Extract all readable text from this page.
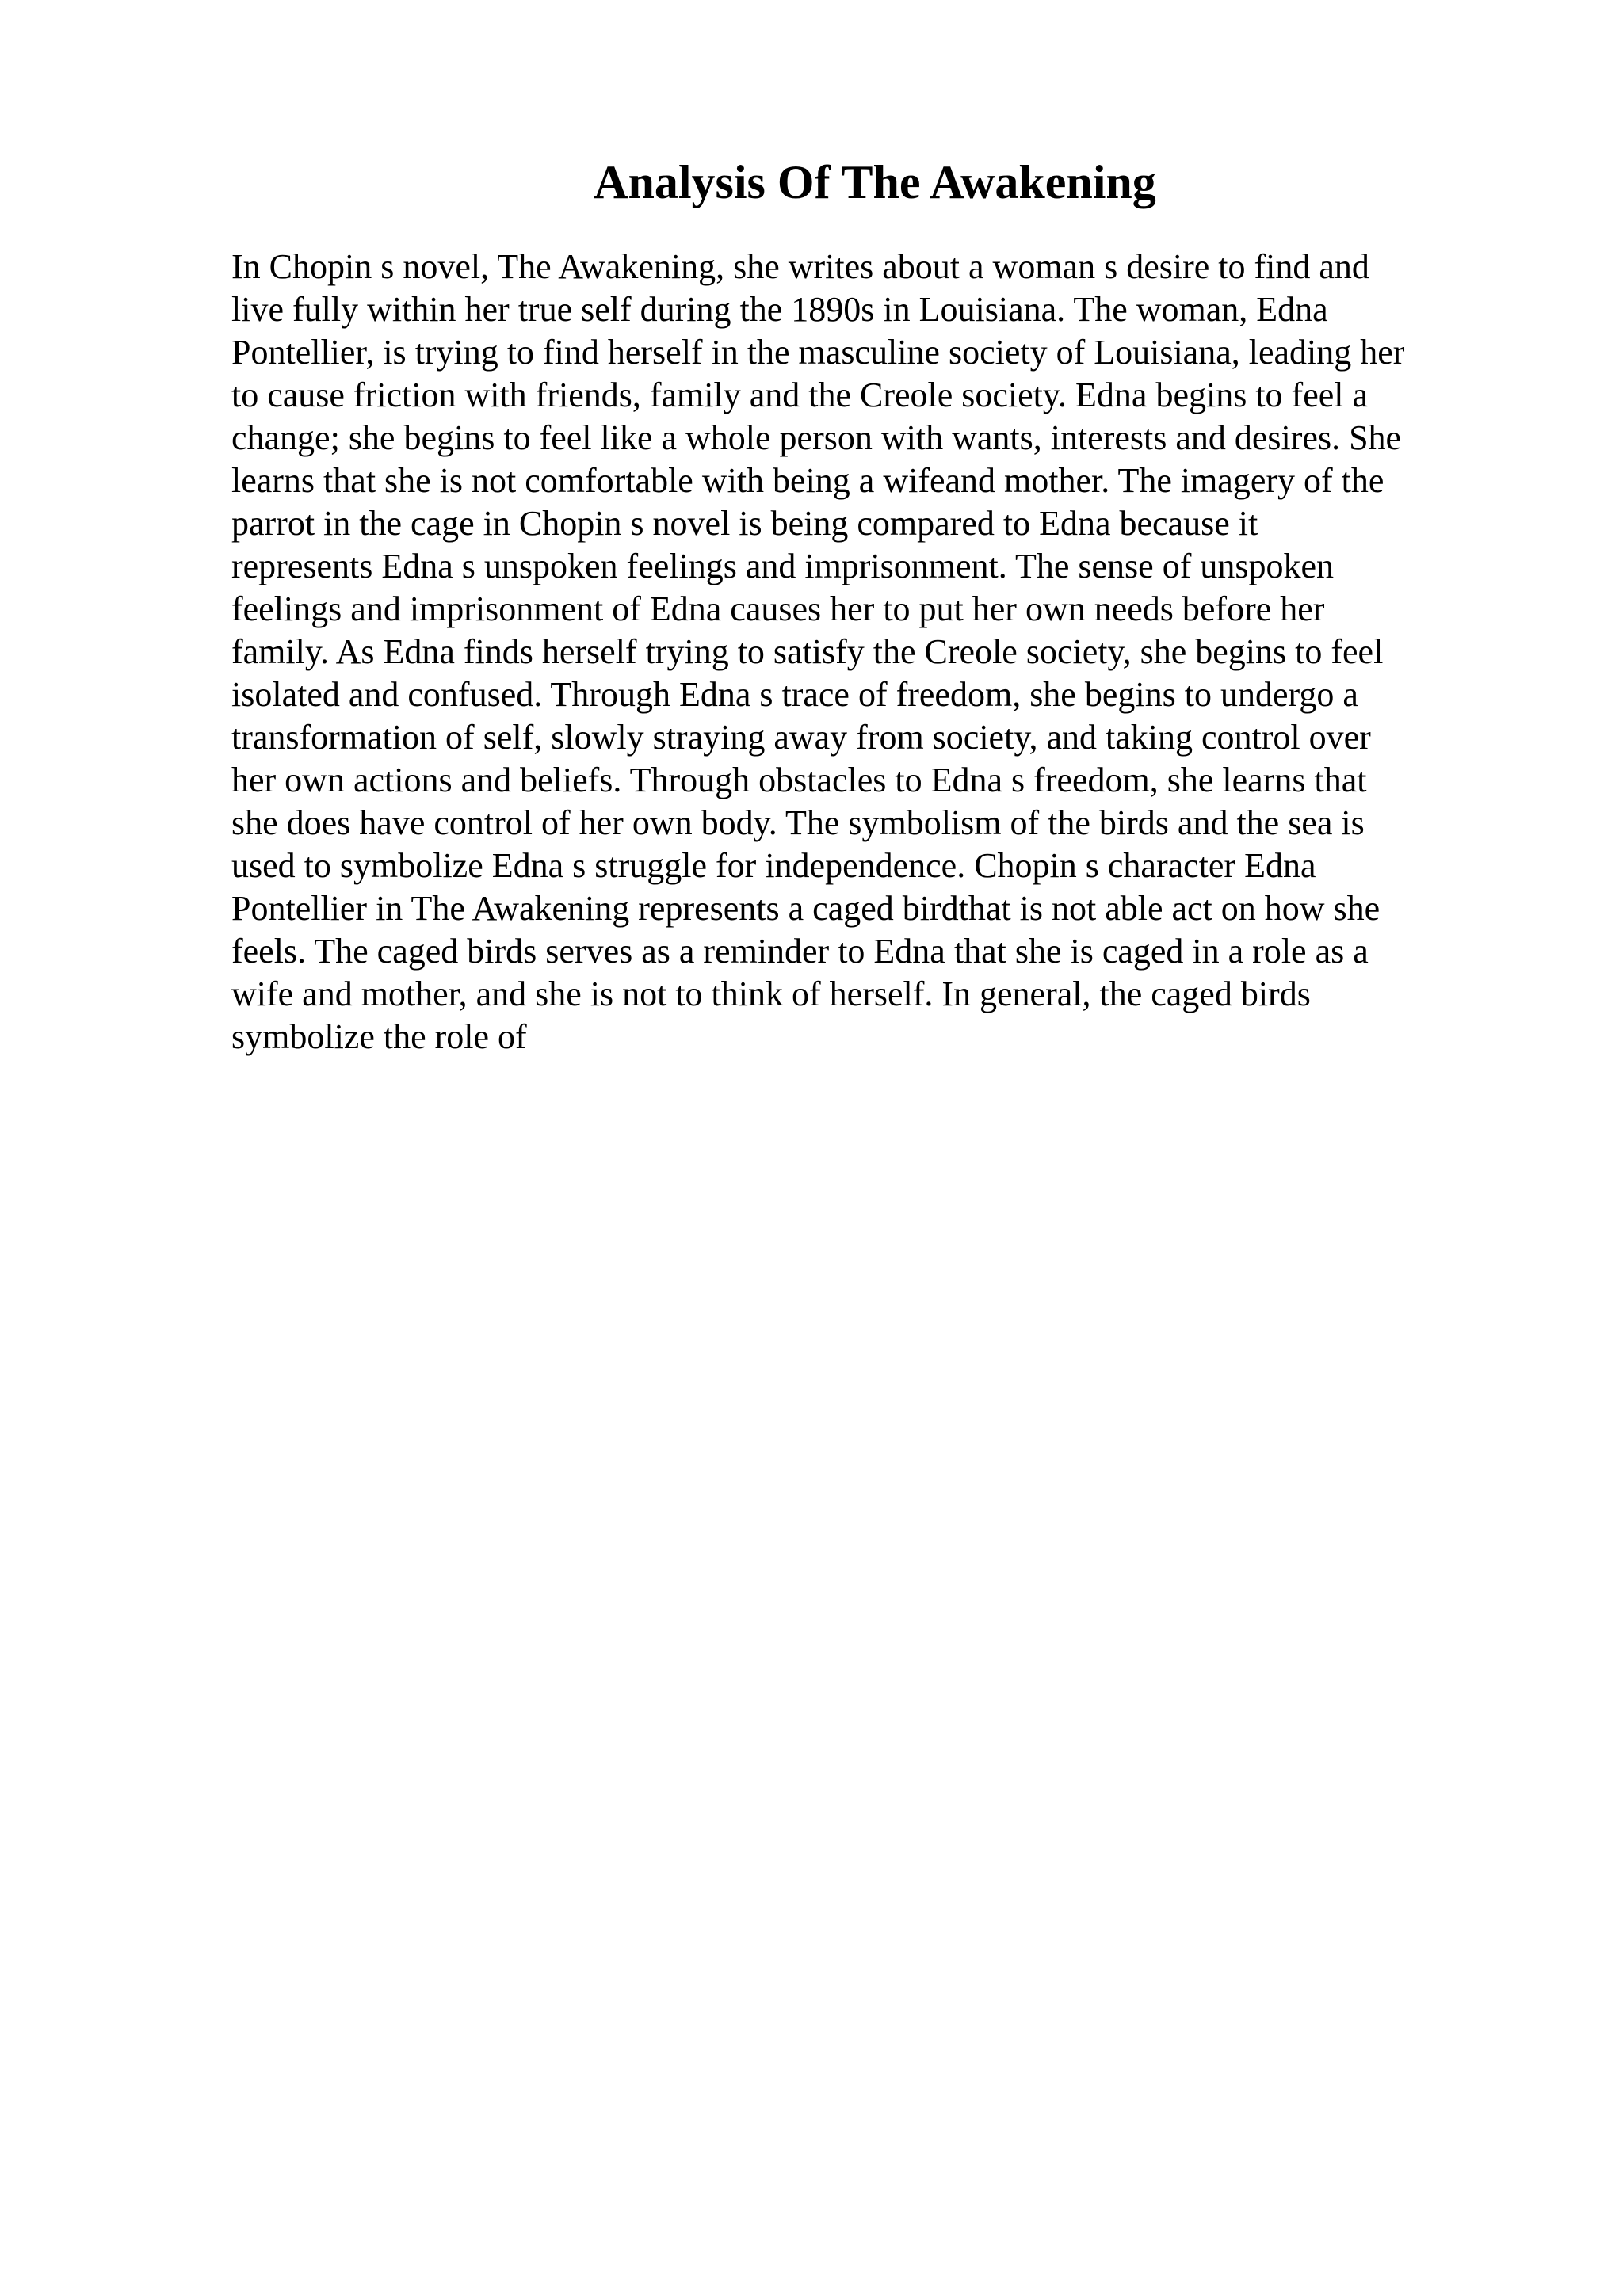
Analysis Of The Awakening
In Chopin s novel, The Awakening, she writes about a woman s desire to find and
live fully within her true self during the 1890s in Louisiana. The woman, Edna
Pontellier, is trying to find herself in the masculine society of Louisiana, leading her
to cause friction with friends, family and the Creole society. Edna begins to feel a
change; she begins to feel like a whole person with wants, interests and desires. She
learns that she is not comfortable with being a wifeand mother. The imagery of the
parrot in the cage in Chopin s novel is being compared to Edna because it
represents Edna s unspoken feelings and imprisonment. The sense of unspoken
feelings and imprisonment of Edna causes her to put her own needs before her
family. As Edna finds herself trying to satisfy the Creole society, she begins to feel
isolated and confused. Through Edna s trace of freedom, she begins to undergo a
transformation of self, slowly straying away from society, and taking control over
her own actions and beliefs. Through obstacles to Edna s freedom, she learns that
she does have control of her own body. The symbolism of the birds and the sea is
used to symbolize Edna s struggle for independence. Chopin s character Edna
Pontellier in The Awakening represents a caged birdthat is not able act on how she
feels. The caged birds serves as a reminder to Edna that she is caged in a role as a
wife and mother, and she is not to think of herself. In general, the caged birds
symbolize the role of
